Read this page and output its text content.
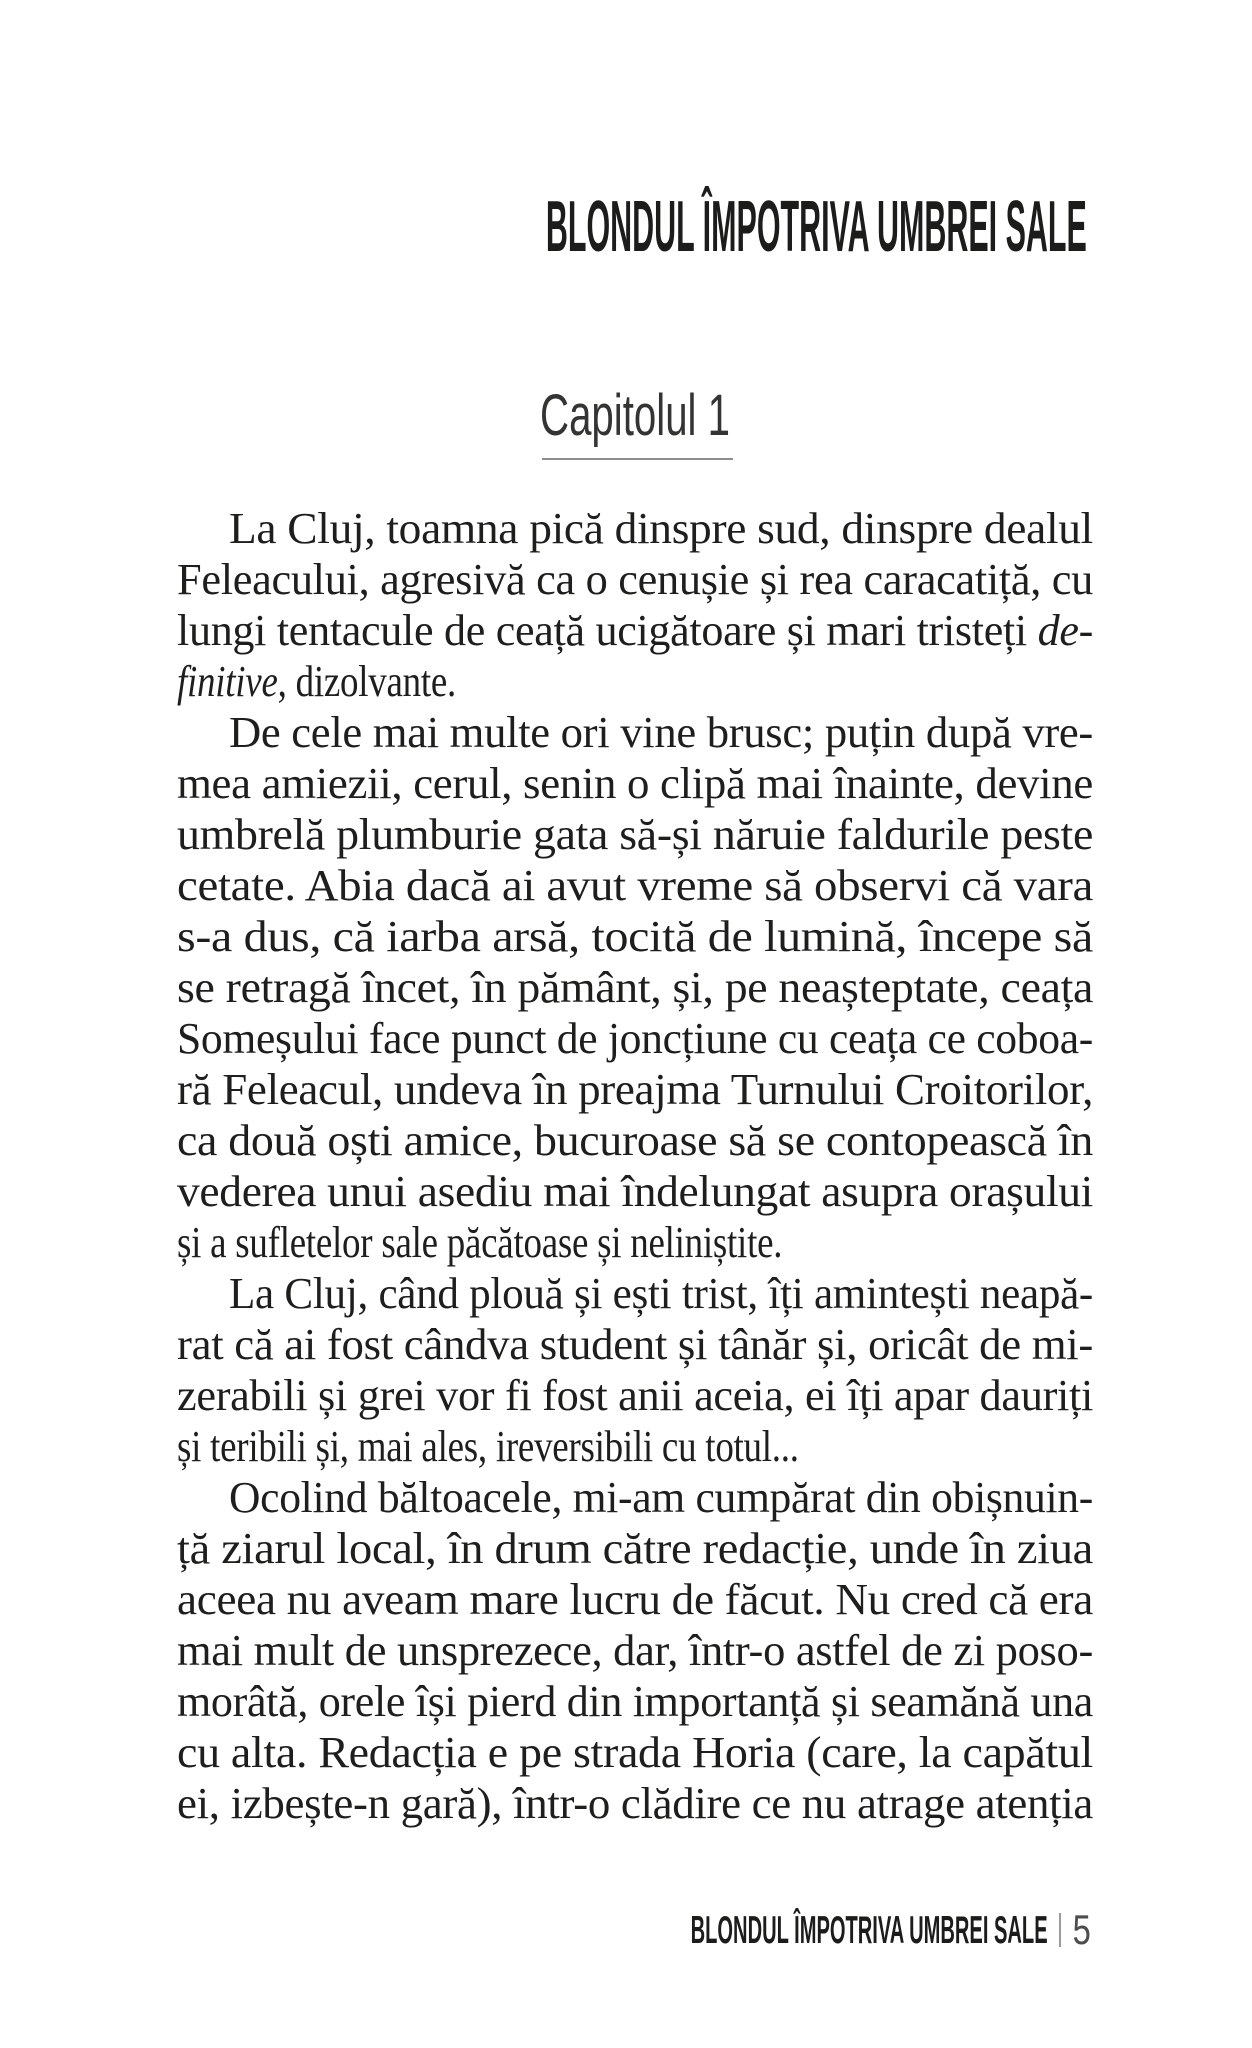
BLONDUL ÎMPOTRIVA UMBREI SALE
Capitolul 1
La Cluj, toamna pică dinspre sud, dinspre dealul
Feleacului, agresivă ca o cenușie și rea caracatiță, cu
lungi tentacule de ceață ucigătoare și mari tristeți de-
finitive, dizolvante.
De cele mai multe ori vine brusc; puțin după vre-
mea amiezii, cerul, senin o clipă mai înainte, devine
umbrelă plumburie gata să-și năruie faldurile peste
cetate. Abia dacă ai avut vreme să observi că vara
s-a dus, că iarba arsă, tocită de lumină, începe să
se retragă încet, în pământ, și, pe neașteptate, ceața
Someșului face punct de joncțiune cu ceața ce coboa-
ră Feleacul, undeva în preajma Turnului Croitorilor,
ca două oști amice, bucuroase să se contopească în
vederea unui asediu mai îndelungat asupra orașului
și a sufletelor sale păcătoase și neliniștite.
La Cluj, când plouă și ești trist, îți amintești neapă-
rat că ai fost cândva student și tânăr și, oricât de mi-
zerabili și grei vor fi fost anii aceia, ei îți apar dauriți
și teribili și, mai ales, ireversibili cu totul...
Ocolind băltoacele, mi-am cumpărat din obișnuin-
ță ziarul local, în drum către redacție, unde în ziua
aceea nu aveam mare lucru de făcut. Nu cred că era
mai mult de unsprezece, dar, într-o astfel de zi poso-
morâtă, orele își pierd din importanță și seamănă una
cu alta. Redacția e pe strada Horia (care, la capătul
ei, izbește-n gară), într-o clădire ce nu atrage atenția
BLONDUL ÎMPOTRIVA UMBREI SALE 5
